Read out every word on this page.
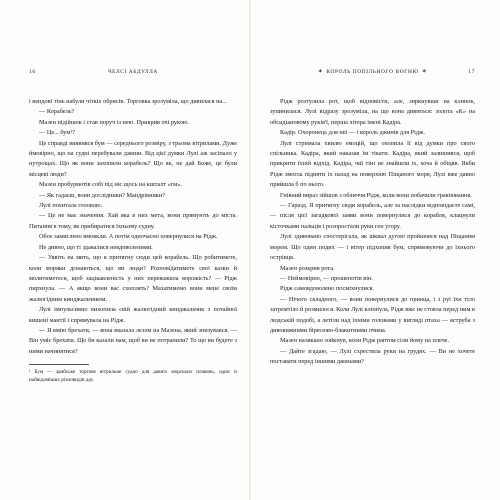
16	ЧЕЛСІ АБДУЛЛА

і вендові тінь набули чіткіх обрисів. Торговка зрозуміла, що дивилася на...

— Корабель?

Мазен підійшов і став поруч із нею. Прикрив очі рукою.

— Це... бум¹?

Це справді виявився бум — середнього розміру, з трьома вітрилами. Дуже ймовірно, що на судні перебували джини. Від цієї думки Лулі аж засіпало у нутрощах. Що як вони захопили корабель? Що як, не дай Боже, це були місцеві люди?

Мазен пробурмотів собі під ніс щось на кшталт «гм».

— Як гадаєш, вони дослідники? Мандрівники?

Лулі похитала головою.

— Це не має значення. Хай яка в них мета, вони прямують до міста. Питання в тому, як прибиратися їхньому судну.

Обоє замислено вмовкли. А потім одночасно повернулися на Рідж.

Не дивно, що ті здавалися невдоволеними.

— Уявіть на мить, що я притягну сюди цей корабель. Що робитимете, коли моряки дізнаються, що ви люди? Розповідатимете свої казки й молитиметеся, щоб зацікавленість у них переважила ворожість? — Рідж пирхнула. — А якщо вони вас схоплять? Махатимемо вони мене своїм жалюгідним кинджальчиком.

Лулі імпульсивно вихопила свій жалюгідний кинджальчик з потайної кишені мантії і спрямувала на Рідж.

— Я вмію брехати, — вона вказала лезом на Мазена, який знизувався. — Він уміє брехати. Що би казали нам, щоб ви не потрапили? То що ви будете з ними начинятися?

¹ Бум — арабське торгове вітрильне судно для давніх морських плавань, один із найвідоміших різновидів дау.
✶ КОРОЛЬ ПОПІЛЬНОГО ВОГНЮ ✶	17

Рідж розтулила рот, щоб відповісти, але, зиркнувши на клинок, зупинилася. Лулі відразу зрозуміла, на що вона дивиться: золота «К» на обсидіановому руків'ї, перша літера імені Кадіра.

Кадір. Охоронець для неї — і король джинів для Рідж.

Лулі стримала хвилю емоцій, що охопила її від думки про свого спільника. Кадіра, який наказав їм тікати. Кадіра, який залишився, щоб прикрити їхній відхід. Кадіра, чиї тіні не знайшли іх, хоча й обіцяв. Якби Рідж змогла підняти їх назад на поверхню Піщаного моря, Лулі вже давно прийшла б по нього.

Гнівний вираз зійшов з обличчя Рідж, коли вони побачили гравіювання.

— Гаразд. Я притягну сюди корабель, але за наслідки відповідаєте самі, — після цієї загадкової заяви вони повернулися до корабля, клацнули кісточками пальців і розпростали руки ген угору.

Лулі здивовано спостерігала, як шквал дугою пройшовся над Піщаним морем. Що один подих — і вітер підхопив бум, спрямовуючи до їхнього острівця.

Мазен розкрив рота.

— Неймовірно, — прошепотів він.

Рідж самовдоволено посміхнулися.

— Нічого складного, — вони повернулися до принца, і з руї їхн тіло затремтіло й розмилося. Коли Лулі кліпнула, Рідж вже не стояла перед ним в людській подобі, а летіли над їхніми головами у вигляді птаха — яструба з дивовижними бірюзово-блакитними очима.

Мазен налякано зойкнув, коли Рідж раптом сіли йому на плече.

— Дайте згадаю, — Лулі схрестила руки на грудях. — Ви не хочете поставати перед іншими джинами?
